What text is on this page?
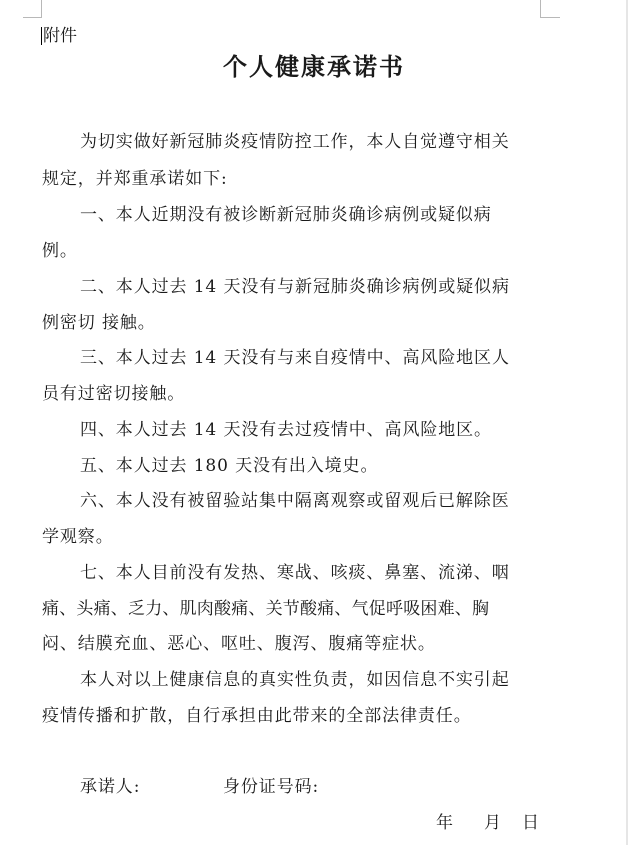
附件
个人健康承诺书
为切实做好新冠肺炎疫情防控工作，本人自觉遵守相关
规定，并郑重承诺如下:
一、本人近期没有被诊断新冠肺炎确诊病例或疑似病
例。
二、本人过去 14 天没有与新冠肺炎确诊病例或疑似病
例密切 接触。
三、本人过去 14 天没有与来自疫情中、高风险地区人
员有过密切接触。
四、本人过去 14 天没有去过疫情中、高风险地区。
五、本人过去 180 天没有出入境史。
六、本人没有被留验站集中隔离观察或留观后已解除医
学观察。
七、本人目前没有发热、寒战、咳痰、鼻塞、流涕、咽
痛、头痛、乏力、肌肉酸痛、关节酸痛、气促呼吸困难、胸
闷、结膜充血、恶心、呕吐、腹泻、腹痛等症状。
本人对以上健康信息的真实性负责，如因信息不实引起
疫情传播和扩散，自行承担由此带来的全部法律责任。
承诺人:	身份证号码:
年 月 日
